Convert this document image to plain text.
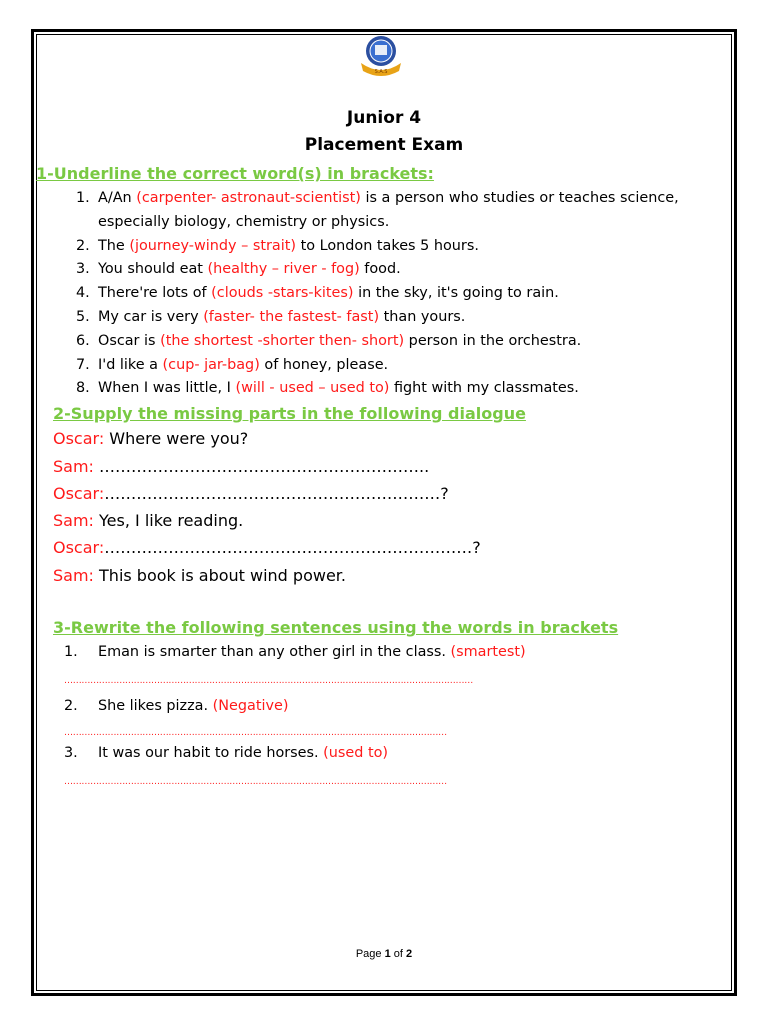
S.A.S
Junior 4
Placement Exam
1-Underline the correct word(s) in brackets:
1. A/An (carpenter- astronaut-scientist) is a person who studies or teaches science, especially biology, chemistry or physics.
2. The (journey-windy – strait) to London takes 5 hours.
3. You should eat (healthy – river - fog) food.
4. There're lots of (clouds -stars-kites) in the sky, it's going to rain.
5. My car is very (faster- the fastest- fast) than yours.
6. Oscar is (the shortest -shorter then- short) person in the orchestra.
7. I'd like a (cup- jar-bag) of honey, please.
8. When I was little, I (will - used – used to) fight with my classmates.
2-Supply the missing parts in the following dialogue
Oscar: Where were you?
Sam: ……………………………………………………..
Oscar:………………………………………………………?
Sam: Yes, I like reading.
Oscar:……………………………………………………………?
Sam: This book is about wind power.
3-Rewrite the following sentences using the words in brackets
1. Eman is smarter than any other girl in the class. (smartest)
……………………………………………………………………………………………………………………………
2. She likes pizza. (Negative)
……………………………………………………………………………………………………………………
3. It was our habit to ride horses. (used to)
……………………………………………………………………………………………………………………
Page 1 of 2
